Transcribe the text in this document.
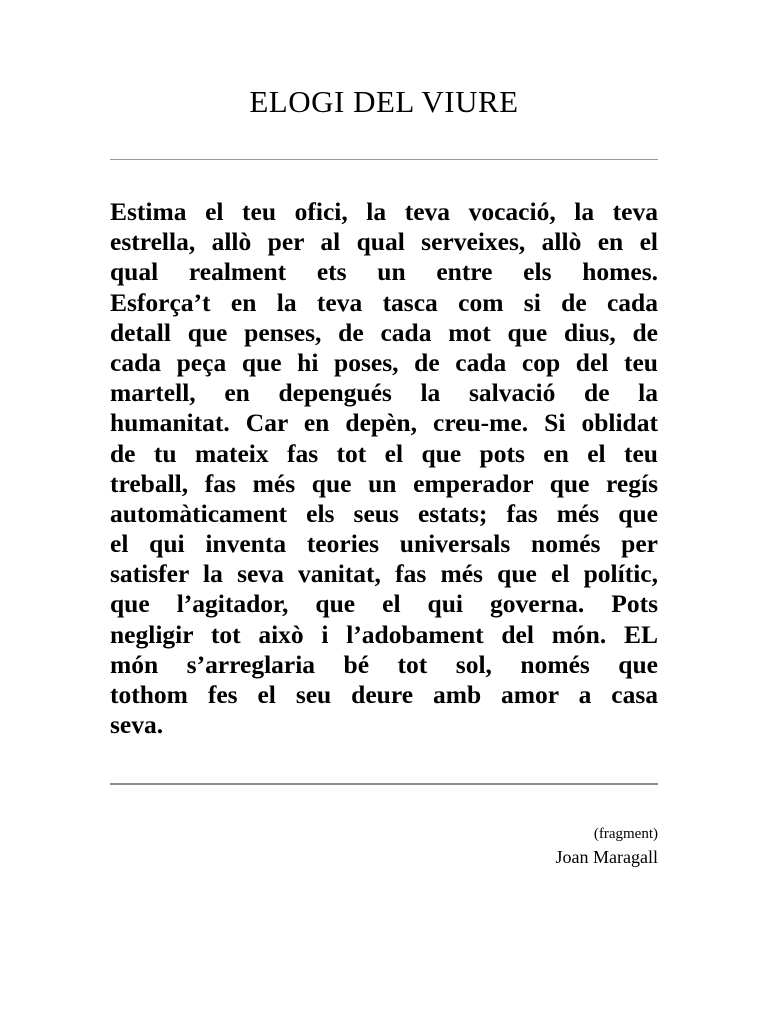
ELOGI DEL VIURE
Estima el teu ofici, la teva vocació, la teva
estrella, allò per al qual serveixes, allò en el
qual realment ets un entre els homes.
Esforça’t en la teva tasca com si de cada
detall que penses, de cada mot que dius, de
cada peça que hi poses, de cada cop del teu
martell, en depengués la salvació de la
humanitat. Car en depèn, creu-me. Si oblidat
de tu mateix fas tot el que pots en el teu
treball, fas més que un emperador que regís
automàticament els seus estats; fas més que
el qui inventa teories universals només per
satisfer la seva vanitat, fas més que el polític,
que l’agitador, que el qui governa. Pots
negligir tot això i l’adobament del món. EL
món s’arreglaria bé tot sol, només que
tothom fes el seu deure amb amor a casa
seva.

(fragment)

Joan Maragall
